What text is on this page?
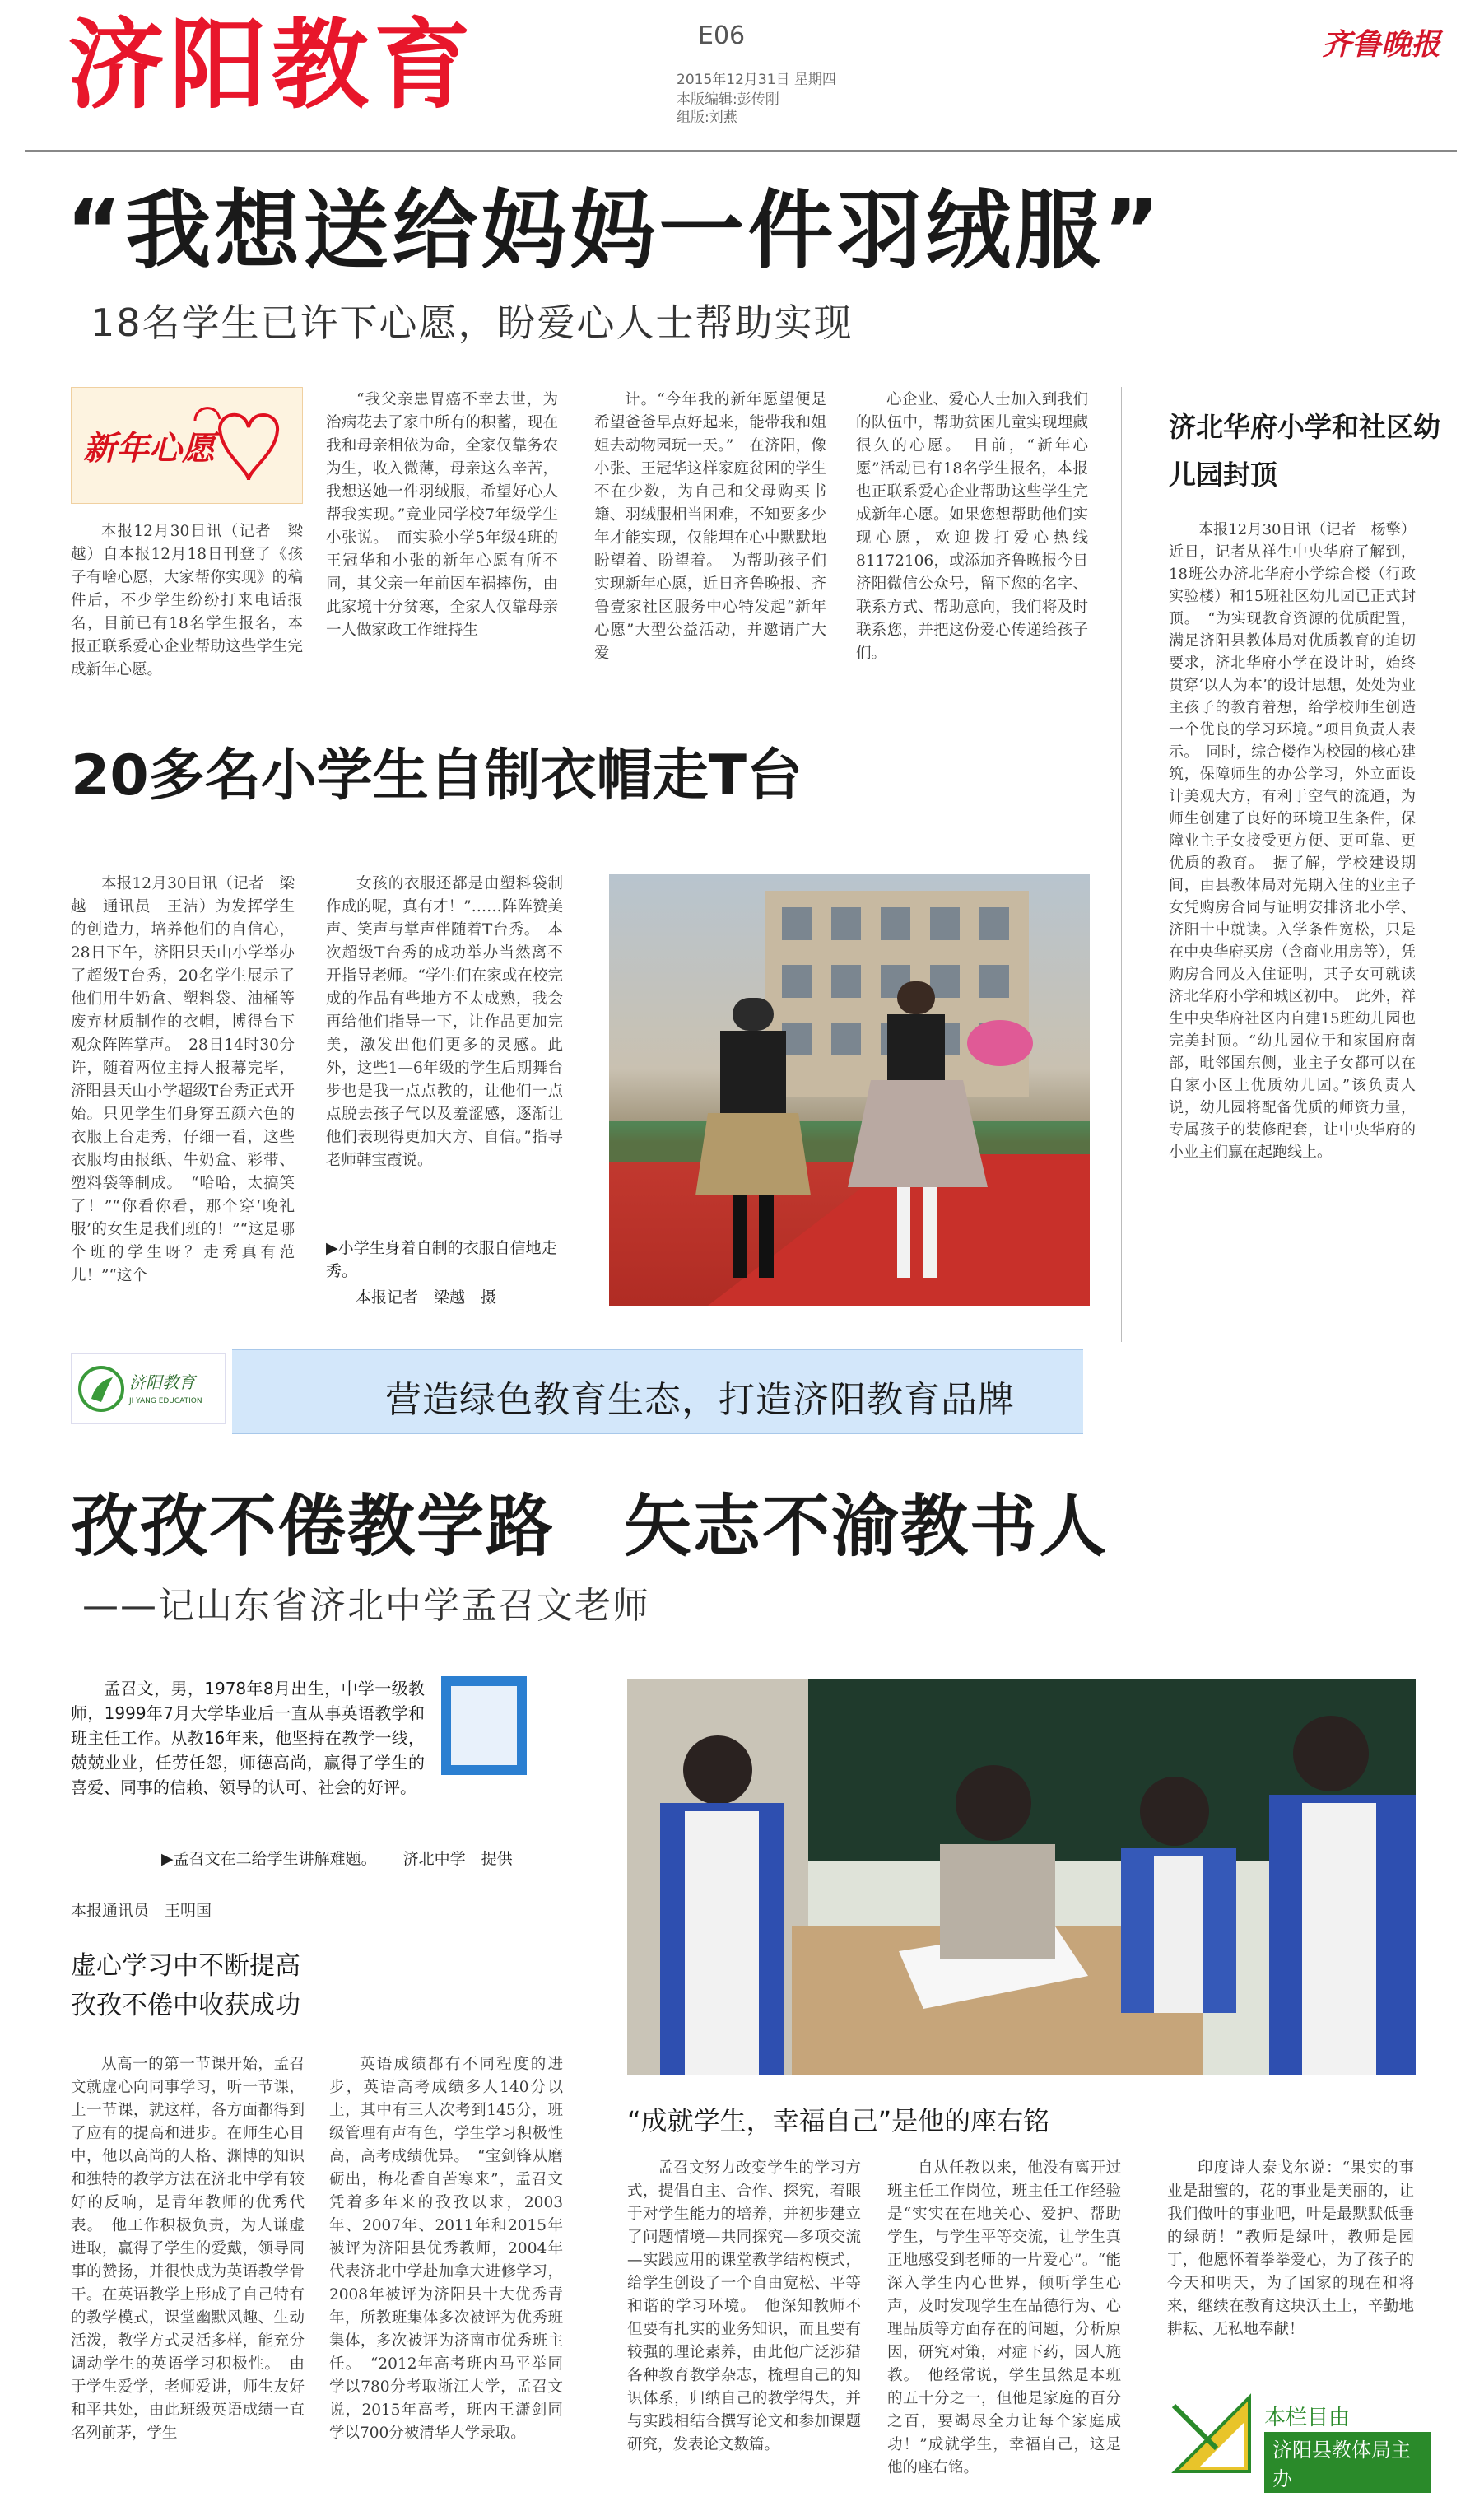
济阳教育	E06
2015年12月31日 星期四
本版编辑:彭传刚
组版:刘燕
齐鲁晚报
“我想送给妈妈一件羽绒服”
18名学生已许下心愿，盼爱心人士帮助实现
新年心愿

本报12月30日讯（记者　梁越）自本报12月18日刊登了《孩子有啥心愿，大家帮你实现》的稿件后，不少学生纷纷打来电话报名，目前已有18名学生报名，本报正联系爱心企业帮助这些学生完成新年心愿。

“我父亲患胃癌不幸去世，为治病花去了家中所有的积蓄，现在我和母亲相依为命，全家仅靠务农为生，收入微薄，母亲这么辛苦，我想送她一件羽绒服，希望好心人帮我实现。”竞业园学校7年级学生小张说。　而实验小学5年级4班的王冠华和小张的新年心愿有所不同，其父亲一年前因车祸摔伤，由此家境十分贫寒，全家人仅靠母亲一人做家政工作维持生

计。“今年我的新年愿望便是希望爸爸早点好起来，能带我和姐姐去动物园玩一天。”　在济阳，像小张、王冠华这样家庭贫困的学生不在少数，为自己和父母购买书籍、羽绒服相当困难，不知要多少年才能实现，仅能埋在心中默默地盼望着、盼望着。　为帮助孩子们实现新年心愿，近日齐鲁晚报、齐鲁壹家社区服务中心特发起“新年心愿”大型公益活动，并邀请广大爱

心企业、爱心人士加入到我们的队伍中，帮助贫困儿童实现埋藏很久的心愿。　目前，“新年心愿”活动已有18名学生报名，本报也正联系爱心企业帮助这些学生完成新年心愿。如果您想帮助他们实现心愿，欢迎拨打爱心热线81172106，或添加齐鲁晚报今日济阳微信公众号，留下您的名字、联系方式、帮助意向，我们将及时联系您，并把这份爱心传递给孩子们。

济北华府小学和社区幼儿园封顶

本报12月30日讯（记者　杨擎）近日，记者从祥生中央华府了解到，18班公办济北华府小学综合楼（行政实验楼）和15班社区幼儿园已正式封顶。　“为实现教育资源的优质配置，满足济阳县教体局对优质教育的迫切要求，济北华府小学在设计时，始终贯穿‘以人为本’的设计思想，处处为业主孩子的教育着想，给学校师生创造一个优良的学习环境。”项目负责人表示。　同时，综合楼作为校园的核心建筑，保障师生的办公学习，外立面设计美观大方，有利于空气的流通，为师生创建了良好的环境卫生条件，保障业主子女接受更方便、更可靠、更优质的教育。　据了解，学校建设期间，由县教体局对先期入住的业主子女凭购房合同与证明安排济北小学、济阳十中就读。入学条件宽松，只是在中央华府买房（含商业用房等），凭购房合同及入住证明，其子女可就读济北华府小学和城区初中。　此外，祥生中央华府社区内自建15班幼儿园也完美封顶。“幼儿园位于和家国府南部，毗邻国东侧，业主子女都可以在自家小区上优质幼儿园。”该负责人说，幼儿园将配备优质的师资力量，专属孩子的装修配套，让中央华府的小业主们赢在起跑线上。

20多名小学生自制衣帽走T台

本报12月30日讯（记者　梁越　通讯员　王洁）为发挥学生的创造力，培养他们的自信心，28日下午，济阳县天山小学举办了超级T台秀，20名学生展示了他们用牛奶盒、塑料袋、油桶等废弃材质制作的衣帽，博得台下观众阵阵掌声。　28日14时30分许，随着两位主持人报幕完毕，济阳县天山小学超级T台秀正式开始。只见学生们身穿五颜六色的衣服上台走秀，仔细一看，这些衣服均由报纸、牛奶盒、彩带、塑料袋等制成。　“哈哈，太搞笑了！”“你看你看，那个穿‘晚礼服’的女生是我们班的！”“这是哪个班的学生呀？走秀真有范儿！”“这个

女孩的衣服还都是由塑料袋制作成的呢，真有才！”……阵阵赞美声、笑声与掌声伴随着T台秀。　本次超级T台秀的成功举办当然离不开指导老师。“学生们在家或在校完成的作品有些地方不太成熟，我会再给他们指导一下，让作品更加完美，激发出他们更多的灵感。此外，这些1—6年级的学生后期舞台步也是我一点点教的，让他们一点点脱去孩子气以及羞涩感，逐渐让他们表现得更加大方、自信。”指导老师韩宝霞说。

▶小学生身着自制的衣服自信地走秀。
本报记者　梁越　摄
济阳教育
JI YANG EDUCATION	营造绿色教育生态，打造济阳教育品牌
孜孜不倦教学路　矢志不渝教书人
——记山东省济北中学孟召文老师

孟召文，男，1978年8月出生，中学一级教师，1999年7月大学毕业后一直从事英语教学和班主任工作。从教16年来，他坚持在教学一线，兢兢业业，任劳任怨，师德高尚，赢得了学生的喜爱、同事的信赖、领导的认可、社会的好评。

▶孟召文在二给学生讲解难题。 济北中学　提供
本报通讯员　王明国
虚心学习中不断提高
孜孜不倦中收获成功

从高一的第一节课开始，孟召文就虚心向同事学习，听一节课，上一节课，就这样，各方面都得到了应有的提高和进步。在师生心目中，他以高尚的人格、渊博的知识和独特的教学方法在济北中学有较好的反响，是青年教师的优秀代表。　他工作积极负责，为人谦虚进取，赢得了学生的爱戴，领导同事的赞扬，并很快成为英语教学骨干。在英语教学上形成了自己特有的教学模式，课堂幽默风趣、生动活泼，教学方式灵活多样，能充分调动学生的英语学习积极性。　由于学生爱学，老师爱讲，师生友好和平共处，由此班级英语成绩一直名列前茅，学生

英语成绩都有不同程度的进步，英语高考成绩多人140分以上，其中有三人次考到145分，班级管理有声有色，学生学习积极性高，高考成绩优异。　“宝剑锋从磨砺出，梅花香自苦寒来”，孟召文凭着多年来的孜孜以求，2003年、2007年、2011年和2015年被评为济阳县优秀教师，2004年代表济北中学赴加拿大进修学习，2008年被评为济阳县十大优秀青年，所教班集体多次被评为优秀班集体，多次被评为济南市优秀班主任。　“2012年高考班内马平举同学以780分考取浙江大学，孟召文说，2015年高考，班内王潇剑同学以700分被清华大学录取。

“成就学生，幸福自己”是他的座右铭

孟召文努力改变学生的学习方式，提倡自主、合作、探究，着眼于对学生能力的培养，并初步建立了问题情境—共同探究—多项交流—实践应用的课堂教学结构模式，给学生创设了一个自由宽松、平等和谐的学习环境。　他深知教师不但要有扎实的业务知识，而且要有较强的理论素养，由此他广泛涉猎各种教育教学杂志，梳理自己的知识体系，归纳自己的教学得失，并与实践相结合撰写论文和参加课题研究，发表论文数篇。

自从任教以来，他没有离开过班主任工作岗位，班主任工作经验是“实实在在地关心、爱护、帮助学生，与学生平等交流，让学生真正地感受到老师的一片爱心”。“能深入学生内心世界，倾听学生心声，及时发现学生在品德行为、心理品质等方面存在的问题，分析原因，研究对策，对症下药，因人施教。　他经常说，学生虽然是本班的五十分之一，但他是家庭的百分之百，要竭尽全力让每个家庭成功！”成就学生，幸福自己，这是他的座右铭。

印度诗人泰戈尔说：“果实的事业是甜蜜的，花的事业是美丽的，让我们做叶的事业吧，叶是最默默低垂的绿荫！”教师是绿叶，教师是园丁，他愿怀着拳拳爱心，为了孩子的今天和明天，为了国家的现在和将来，继续在教育这块沃土上，辛勤地耕耘、无私地奉献！

本栏目由
济阳县教体局主办
